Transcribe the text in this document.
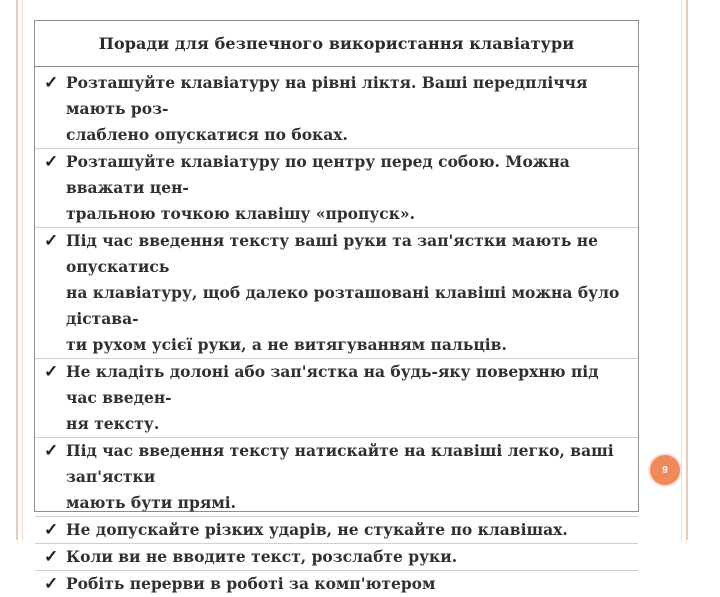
Поради для безпечного використання клавіатури
✓ Розташуйте клавіатуру на рівні ліктя. Ваші передпліччя мають роз-
слаблено опускатися по боках.
✓ Розташуйте клавіатуру по центру перед собою. Можна вважати цен-
тральною точкою клавішу «пропуск».
✓ Під час введення тексту ваші руки та зап'ястки мають не опускатись
на клавіатуру, щоб далеко розташовані клавіші можна було діставa-
ти рухом усієї руки, а не витягуванням пальців.
✓ Не кладіть долоні або зап'ястка на будь-яку поверхню під час введен-
ня тексту.
✓ Під час введення тексту натискайте на клавіші легко, ваші зап'ястки
мають бути прямі.
✓ Не допускайте різких ударів, не стукайте по клавішах.
✓ Коли ви не вводите текст, розслабте руки.
✓ Робіть перерви в роботі за комп'ютером
9
